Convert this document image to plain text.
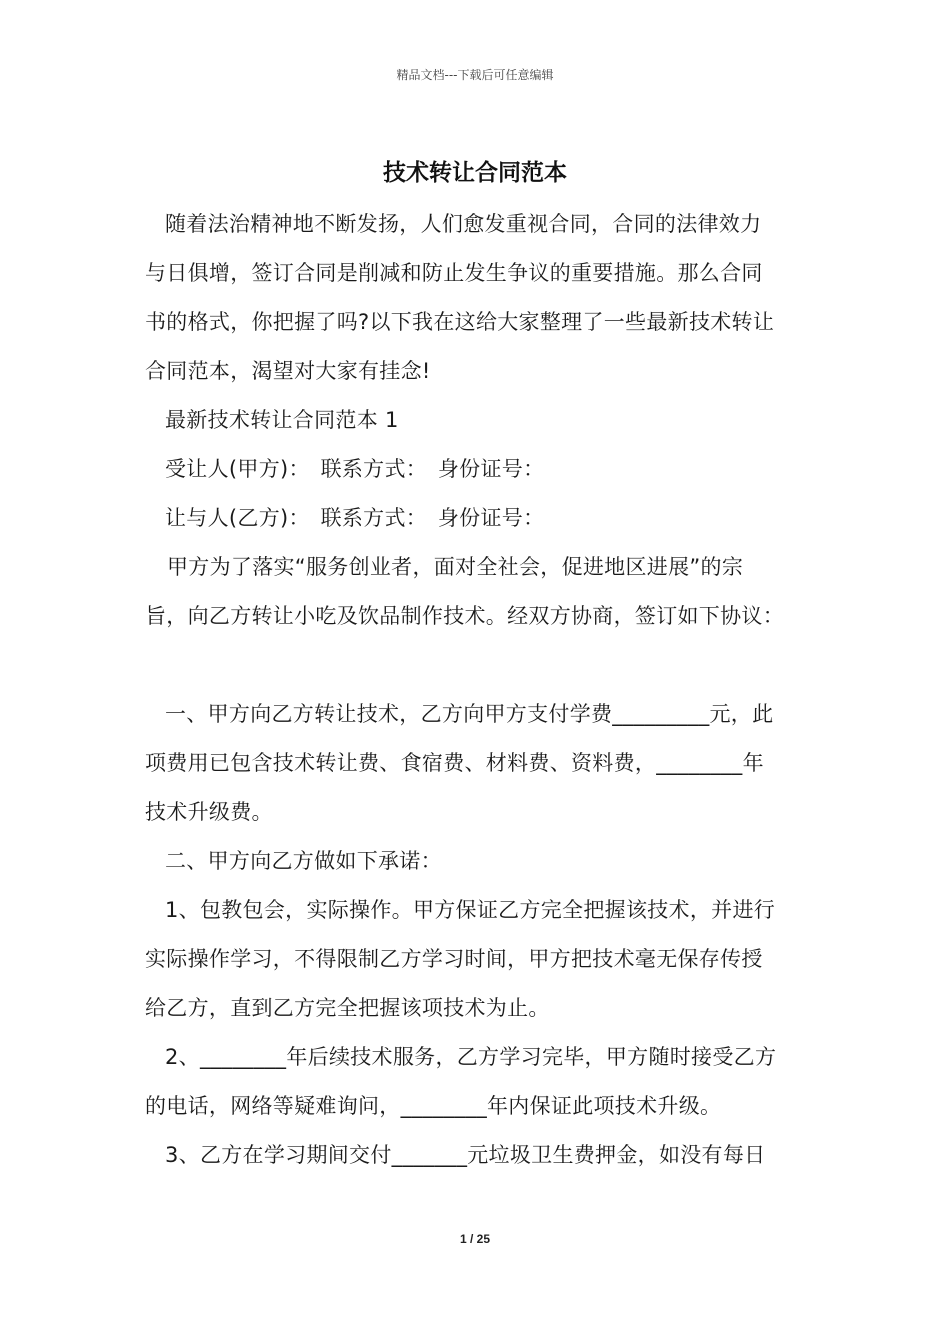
精品文档---下载后可任意编辑
技术转让合同范本

随着法治精神地不断发扬，人们愈发重视合同，合同的法律效力

与日俱增，签订合同是削减和防止发生争议的重要措施。那么合同

书的格式，你把握了吗?以下我在这给大家整理了一些最新技术转让

合同范本，渴望对大家有挂念!

最新技术转让合同范本 1

受让人(甲方)：　联系方式：　身份证号：

让与人(乙方)：　联系方式：　身份证号：

甲方为了落实“服务创业者，面对全社会，促进地区进展”的宗

旨，向乙方转让小吃及饮品制作技术。经双方协商，签订如下协议：

一、甲方向乙方转让技术，乙方向甲方支付学费_________元，此

项费用已包含技术转让费、食宿费、材料费、资料费，________年

技术升级费。

二、甲方向乙方做如下承诺：

1、包教包会，实际操作。甲方保证乙方完全把握该技术，并进行

实际操作学习，不得限制乙方学习时间，甲方把技术毫无保存传授

给乙方，直到乙方完全把握该项技术为止。

2、________年后续技术服务，乙方学习完毕，甲方随时接受乙方

的电话，网络等疑难询问，________年内保证此项技术升级。

3、乙方在学习期间交付_______元垃圾卫生费押金，如没有每日

1 / 25
